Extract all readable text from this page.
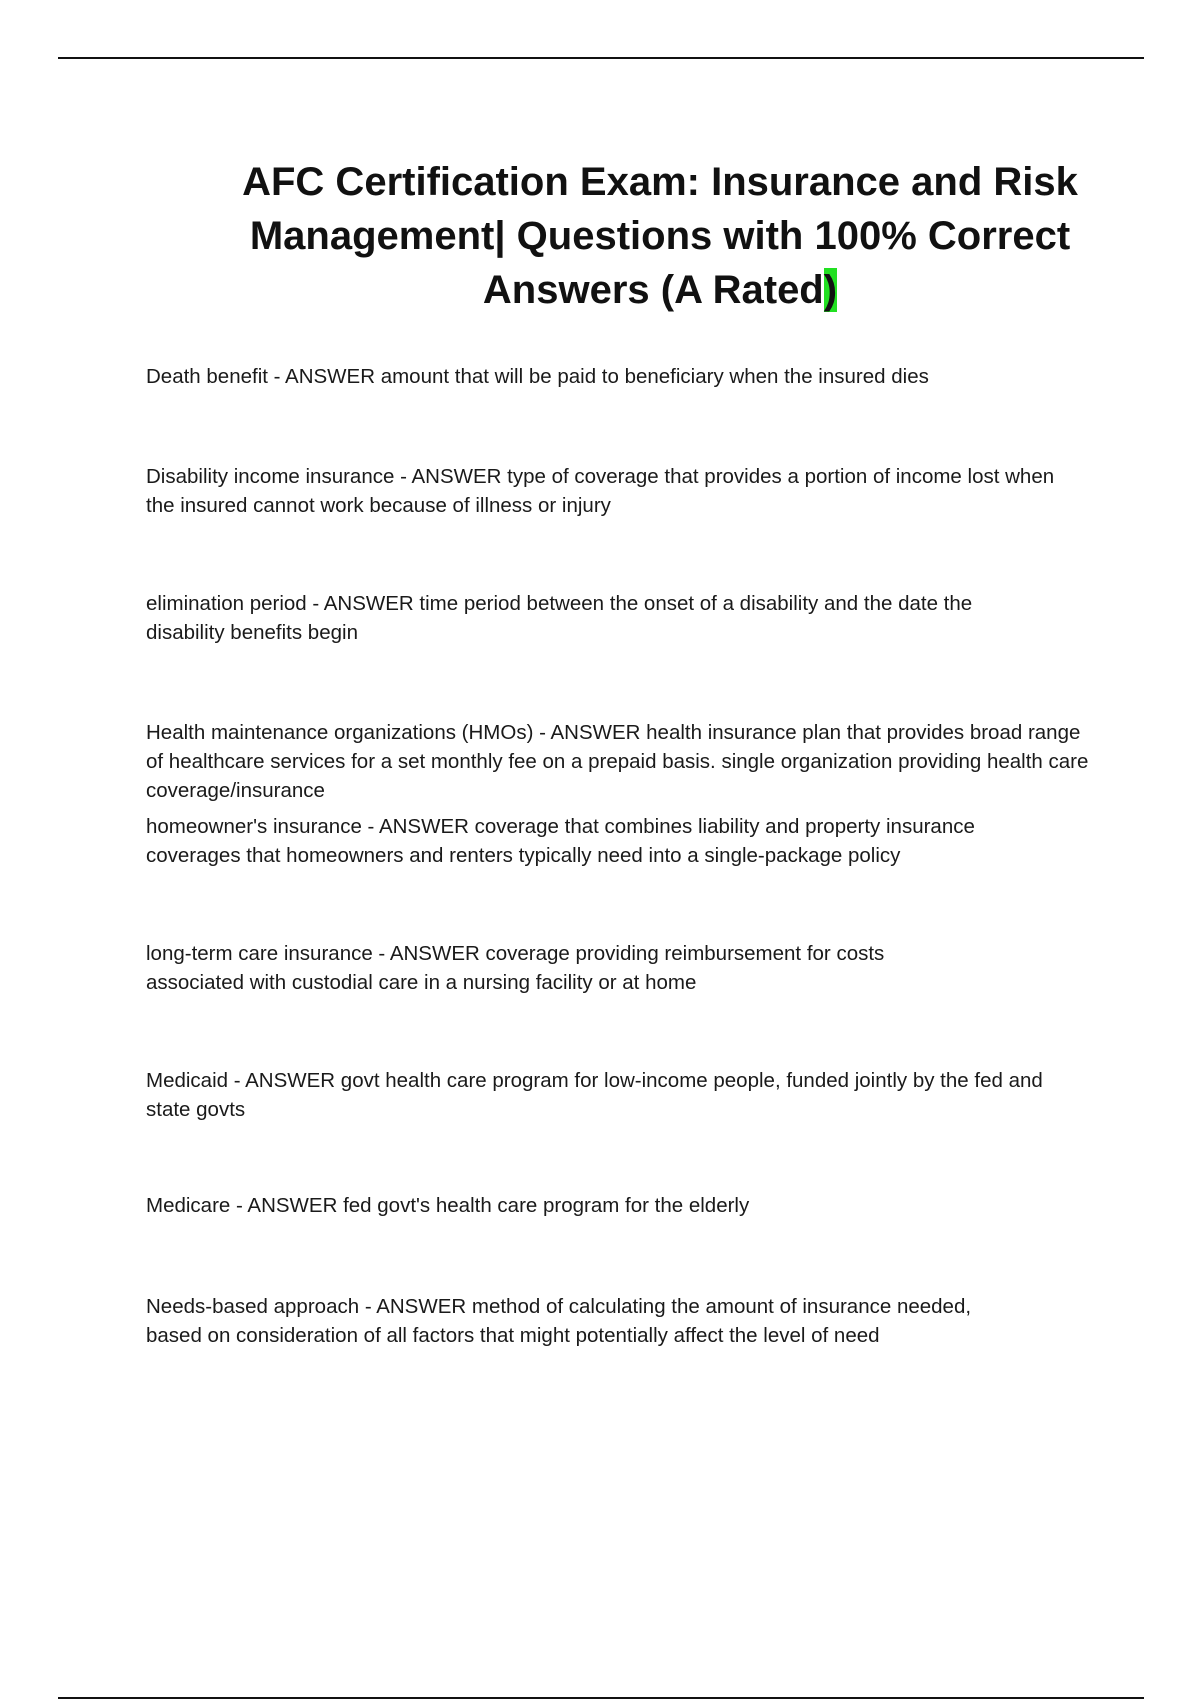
AFC Certification Exam: Insurance and Risk Management| Questions with 100% Correct Answers (A Rated)

Death benefit - ANSWER amount that will be paid to beneficiary when the insured dies

Disability income insurance - ANSWER type of coverage that provides a portion of income lost when the insured cannot work because of illness or injury

elimination period - ANSWER time period between the onset of a disability and the date the disability benefits begin

Health maintenance organizations (HMOs) - ANSWER health insurance plan that provides broad range of healthcare services for a set monthly fee on a prepaid basis. single organization providing health care coverage/insurance

homeowner's insurance - ANSWER coverage that combines liability and property insurance coverages that homeowners and renters typically need into a single-package policy

long-term care insurance - ANSWER coverage providing reimbursement for costs associated with custodial care in a nursing facility or at home

Medicaid - ANSWER govt health care program for low-income people, funded jointly by the fed and state govts

Medicare - ANSWER fed govt's health care program for the elderly

Needs-based approach - ANSWER method of calculating the amount of insurance needed, based on consideration of all factors that might potentially affect the level of need
